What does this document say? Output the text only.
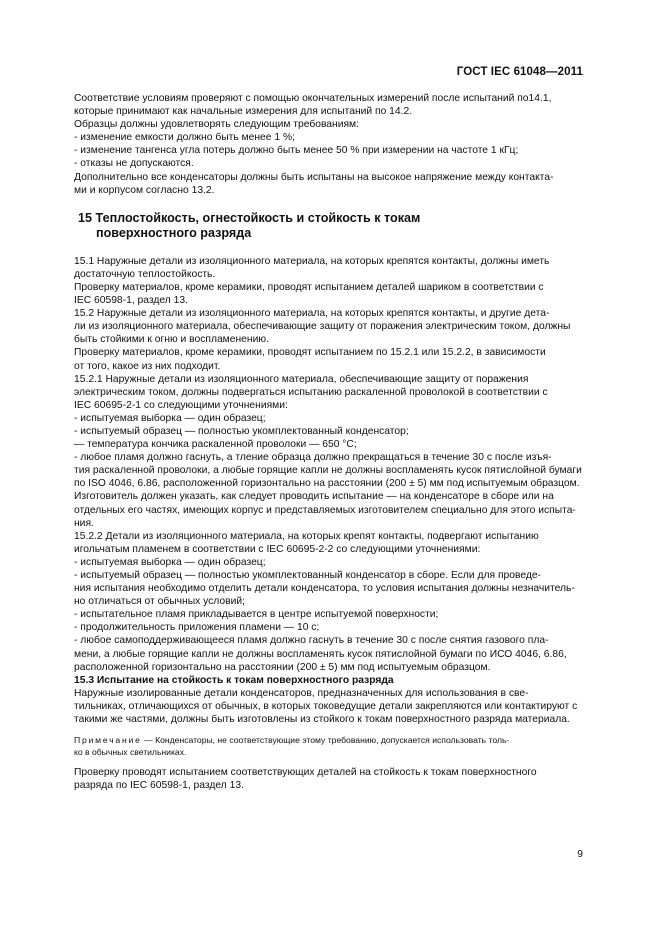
ГОСТ IEC 61048—2011
Соответствие условиям проверяют с помощью окончательных измерений после испытаний по14.1,
которые принимают как начальные измерения для испытаний по 14.2.
Образцы должны удовлетворять следующим требованиям:
- изменение емкости должно быть менее 1 %;
- изменение тангенса угла потерь должно быть менее 50 % при измерении на частоте 1 кГц;
- отказы не допускаются.
Дополнительно все конденсаторы должны быть испытаны на высокое напряжение между контакта-
ми и корпусом согласно 13.2.
15 Теплостойкость, огнестойкость и стойкость к токам
поверхностного разряда
15.1 Наружные детали из изоляционного материала, на которых крепятся контакты, должны иметь
достаточную теплостойкость.
Проверку материалов, кроме керамики, проводят испытанием деталей шариком в соответствии с
IEC 60598-1, раздел 13.
15.2 Наружные детали из изоляционного материала, на которых крепятся контакты, и другие дета-
ли из изоляционного материала, обеспечивающие защиту от поражения электрическим током, должны
быть стойкими к огню и воспламенению.
Проверку материалов, кроме керамики, проводят испытанием по 15.2.1 или 15.2.2, в зависимости
от того, какое из них подходит.
15.2.1 Наружные детали из изоляционного материала, обеспечивающие защиту от поражения
электрическим током, должны подвергаться испытанию раскаленной проволокой в соответствии с
IEC 60695-2-1 со следующими уточнениями:
- испытуемая выборка — один образец;
- испытуемый образец — полностью укомплектованный конденсатор;
— температура кончика раскаленной проволоки — 650 °C;
- любое пламя должно гаснуть, а тление образца должно прекращаться в течение 30 с после изъя-
тия раскаленной проволоки, а любые горящие капли не должны воспламенять кусок пятислойной бумаги
по ISO 4046, 6.86, расположенной горизонтально на расстоянии (200 ± 5) мм под испытуемым образцом.
Изготовитель должен указать, как следует проводить испытание — на конденсаторе в сборе или на
отдельных его частях, имеющих корпус и представляемых изготовителем специально для этого испыта-
ния.
15.2.2 Детали из изоляционного материала, на которых крепят контакты, подвергают испытанию
игольчатым пламенем в соответствии с IEC 60695-2-2 со следующими уточнениями:
- испытуемая выборка — один образец;
- испытуемый образец — полностью укомплектованный конденсатор в сборе. Если для проведе-
ния испытания необходимо отделить детали конденсатора, то условия испытания должны незначитель-
но отличаться от обычных условий;
- испытательное пламя прикладывается в центре испытуемой поверхности;
- продолжительность приложения пламени — 10 с;
- любое самоподдерживающееся пламя должно гаснуть в течение 30 с после снятия газового пла-
мени, а любые горящие капли не должны воспламенять кусок пятислойной бумаги по ИСО 4046, 6.86,
расположенной горизонтально на расстоянии (200 ± 5) мм под испытуемым образцом.
15.3 Испытание на стойкость к токам поверхностного разряда
Наружные изолированные детали конденсаторов, предназначенных для использования в све-
тильниках, отличающихся от обычных, в которых токоведущие детали закрепляются или контактируют с
такими же частями, должны быть изготовлены из стойкого к токам поверхностного разряда материала.
Примечание — Конденсаторы, не соответствующие этому требованию, допускается использовать толь-
ко в обычных светильниках.
Проверку проводят испытанием соответствующих деталей на стойкость к токам поверхностного
разряда по IEC 60598-1, раздел 13.
9
